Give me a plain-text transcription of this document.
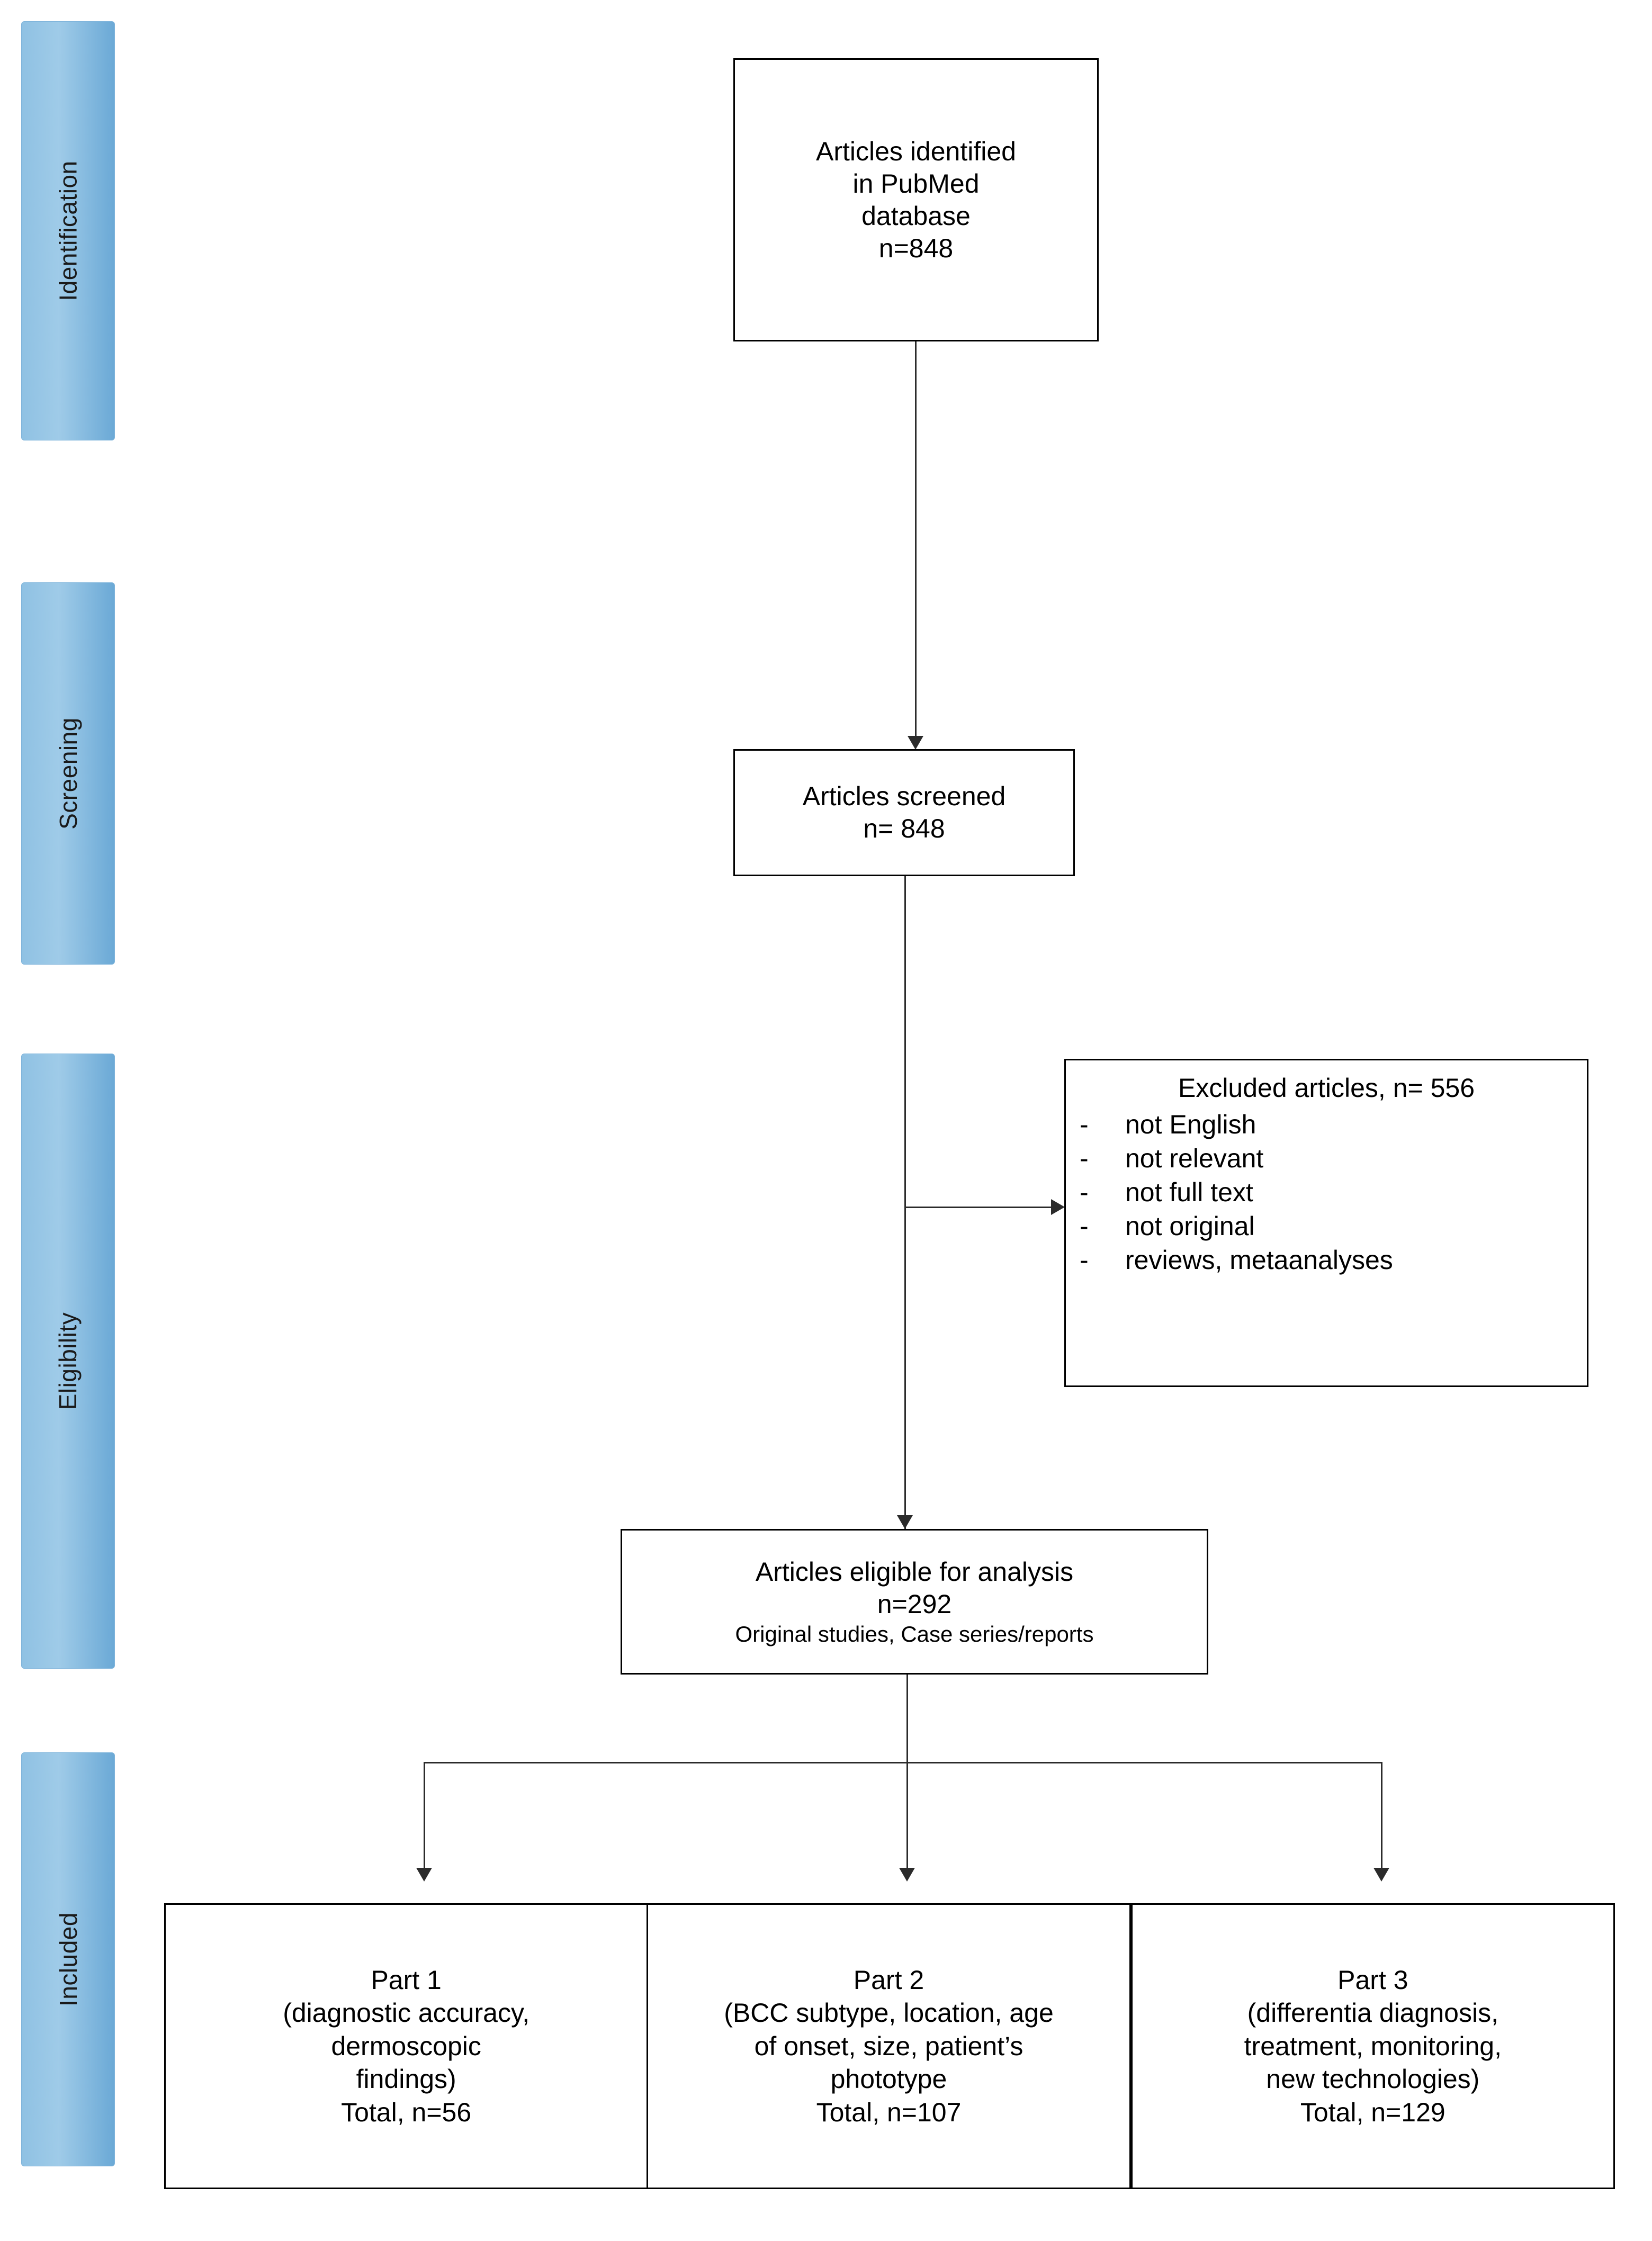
Identification
Screening
Eligibility
Included
Articles identified
in PubMed
database
n=848
Articles screened
n= 848
Excluded articles, n= 556
-	not English
-	not relevant
-	not full text
-	not original
-	reviews, metaanalyses
Articles eligible for analysis
n=292
Original studies, Case series/reports
Part 1
(diagnostic accuracy,
dermoscopic
findings)
Total, n=56
Part 2
(BCC subtype, location, age
of onset, size, patient’s
phototype
Total, n=107
Part 3
(differentia diagnosis,
treatment, monitoring,
new technologies)
Total, n=129
